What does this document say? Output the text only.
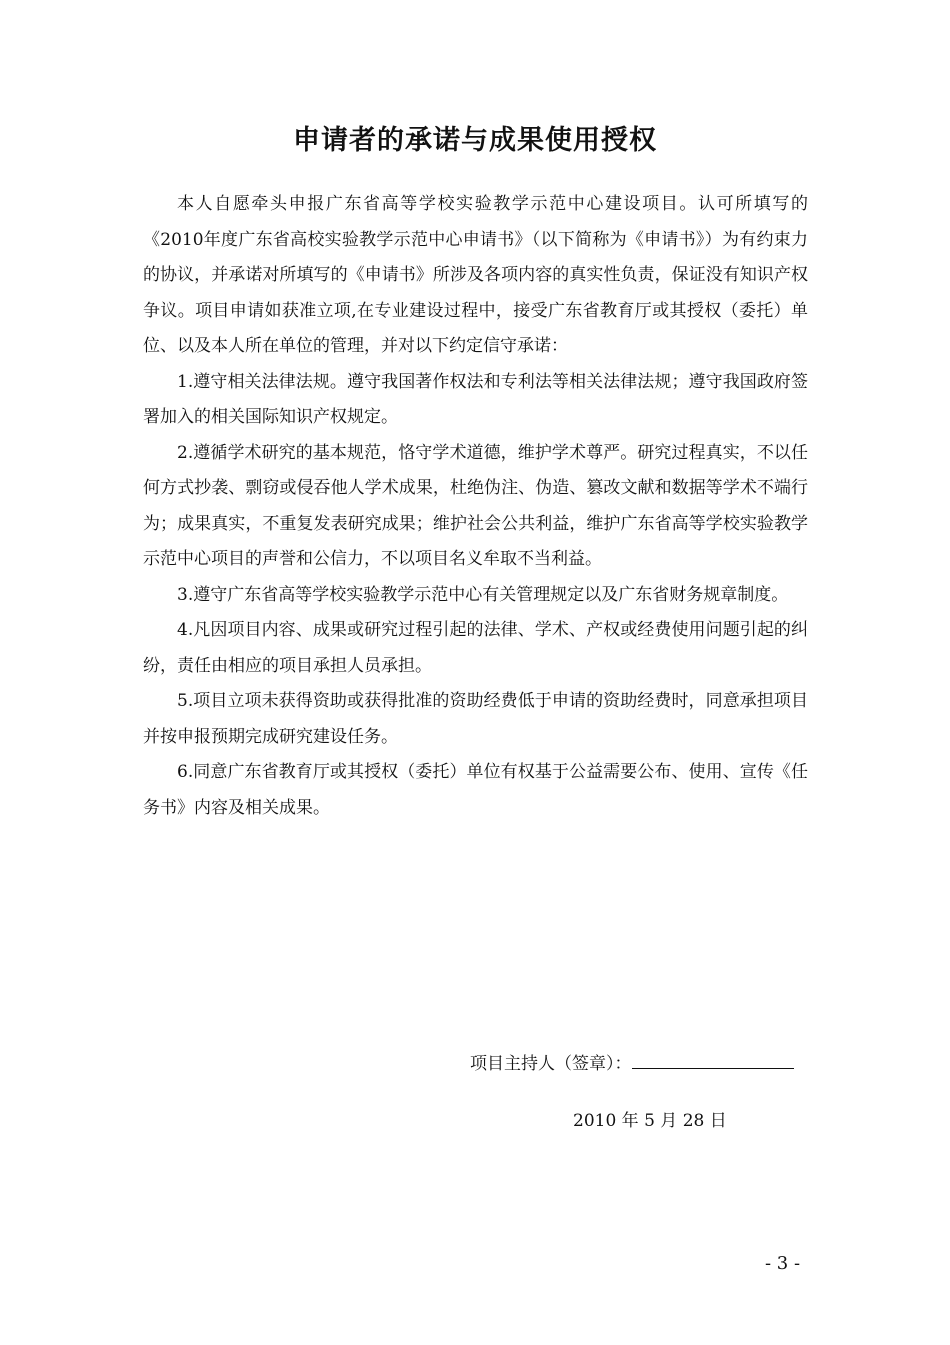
申请者的承诺与成果使用授权

本人自愿牵头申报广东省高等学校实验教学示范中心建设项目。认可所填写的《2010年度广东省高校实验教学示范中心申请书》（以下简称为《申请书》）为有约束力的协议，并承诺对所填写的《申请书》所涉及各项内容的真实性负责，保证没有知识产权争议。项目申请如获准立项,在专业建设过程中，接受广东省教育厅或其授权（委托）单位、以及本人所在单位的管理，并对以下约定信守承诺：

1.遵守相关法律法规。遵守我国著作权法和专利法等相关法律法规；遵守我国政府签署加入的相关国际知识产权规定。

2.遵循学术研究的基本规范，恪守学术道德，维护学术尊严。研究过程真实，不以任何方式抄袭、剽窃或侵吞他人学术成果，杜绝伪注、伪造、篡改文献和数据等学术不端行为；成果真实，不重复发表研究成果；维护社会公共利益，维护广东省高等学校实验教学示范中心项目的声誉和公信力，不以项目名义牟取不当利益。

3.遵守广东省高等学校实验教学示范中心有关管理规定以及广东省财务规章制度。

4.凡因项目内容、成果或研究过程引起的法律、学术、产权或经费使用问题引起的纠纷，责任由相应的项目承担人员承担。

5.项目立项未获得资助或获得批准的资助经费低于申请的资助经费时，同意承担项目并按申报预期完成研究建设任务。

6.同意广东省教育厅或其授权（委托）单位有权基于公益需要公布、使用、宣传《任务书》内容及相关成果。

项目主持人（签章）：
2010 年 5 月 28 日
- 3 -
